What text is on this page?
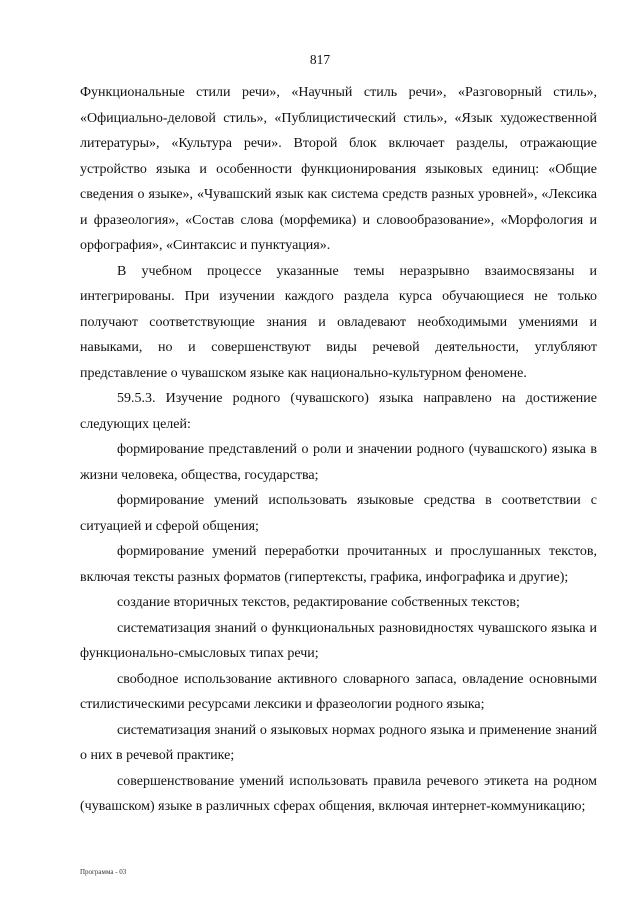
817

Функциональные стили речи», «Научный стиль речи», «Разговорный стиль», «Официально-деловой стиль», «Публицистический стиль», «Язык художественной литературы», «Культура речи». Второй блок включает разделы, отражающие устройство языка и особенности функционирования языковых единиц: «Общие сведения о языке», «Чувашский язык как система средств разных уровней», «Лексика и фразеология», «Состав слова (морфемика) и словообразование», «Морфология и орфография», «Синтаксис и пунктуация».

В учебном процессе указанные темы неразрывно взаимосвязаны и интегрированы. При изучении каждого раздела курса обучающиеся не только получают соответствующие знания и овладевают необходимыми умениями и навыками, но и совершенствуют виды речевой деятельности, углубляют представление о чувашском языке как национально-культурном феномене.

59.5.3. Изучение родного (чувашского) языка направлено на достижение следующих целей:

формирование представлений о роли и значении родного (чувашского) языка в жизни человека, общества, государства;

формирование умений использовать языковые средства в соответствии с ситуацией и сферой общения;

формирование умений переработки прочитанных и прослушанных текстов, включая тексты разных форматов (гипертексты, графика, инфографика и другие);

создание вторичных текстов, редактирование собственных текстов;

систематизация знаний о функциональных разновидностях чувашского языка и функционально-смысловых типах речи;

свободное использование активного словарного запаса, овладение основными стилистическими ресурсами лексики и фразеологии родного языка;

систематизация знаний о языковых нормах родного языка и применение знаний о них в речевой практике;

совершенствование умений использовать правила речевого этикета на родном (чувашском) языке в различных сферах общения, включая интернет-коммуникацию;

Программа - 03
